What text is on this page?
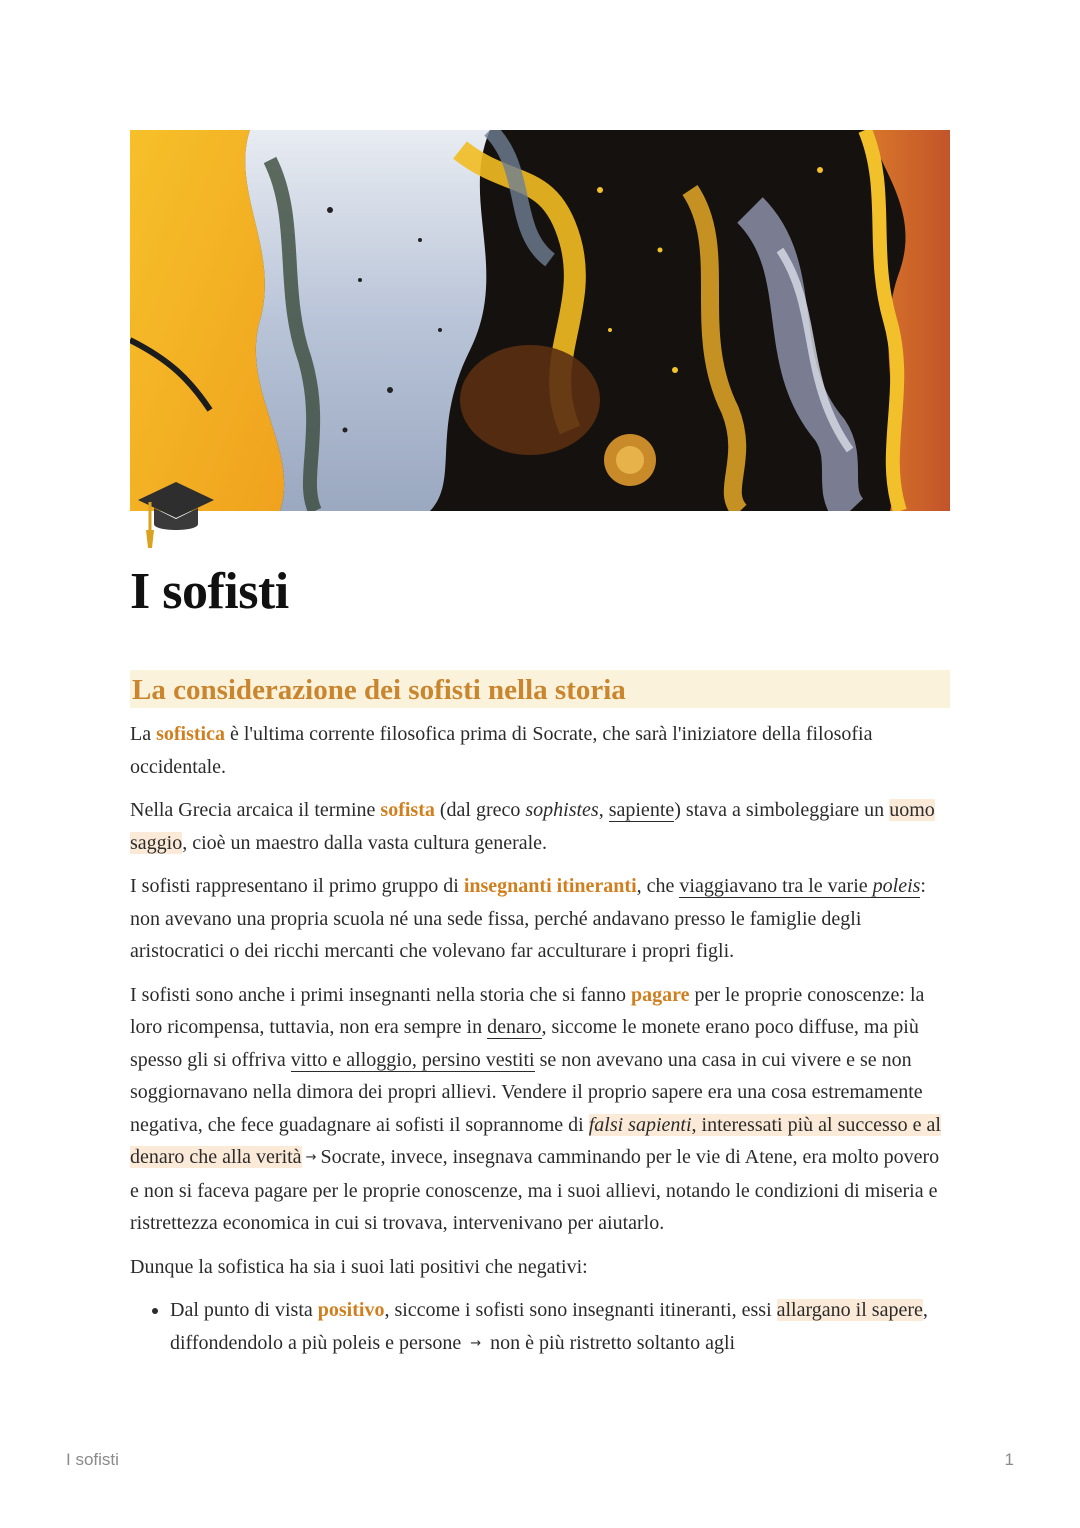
I sofisti
La considerazione dei sofisti nella storia

La sofistica è l'ultima corrente filosofica prima di Socrate, che sarà l'iniziatore della filosofia occidentale.

Nella Grecia arcaica il termine sofista (dal greco sophistes, sapiente) stava a simboleggiare un uomo saggio, cioè un maestro dalla vasta cultura generale.

I sofisti rappresentano il primo gruppo di insegnanti itineranti, che viaggiavano tra le varie poleis: non avevano una propria scuola né una sede fissa, perché andavano presso le famiglie degli aristocratici o dei ricchi mercanti che volevano far acculturare i propri figli.

I sofisti sono anche i primi insegnanti nella storia che si fanno pagare per le proprie conoscenze: la loro ricompensa, tuttavia, non era sempre in denaro, siccome le monete erano poco diffuse, ma più spesso gli si offriva vitto e alloggio, persino vestiti se non avevano una casa in cui vivere e se non soggiornavano nella dimora dei propri allievi. Vendere il proprio sapere era una cosa estremamente negativa, che fece guadagnare ai sofisti il soprannome di falsi sapienti, interessati più al successo e al denaro che alla verità → Socrate, invece, insegnava camminando per le vie di Atene, era molto povero e non si faceva pagare per le proprie conoscenze, ma i suoi allievi, notando le condizioni di miseria e ristrettezza economica in cui si trovava, intervenivano per aiutarlo.

Dunque la sofistica ha sia i suoi lati positivi che negativi:

• Dal punto di vista positivo, siccome i sofisti sono insegnanti itineranti, essi allargano il sapere, diffondendolo a più poleis e persone → non è più ristretto soltanto agli
I sofisti	1
